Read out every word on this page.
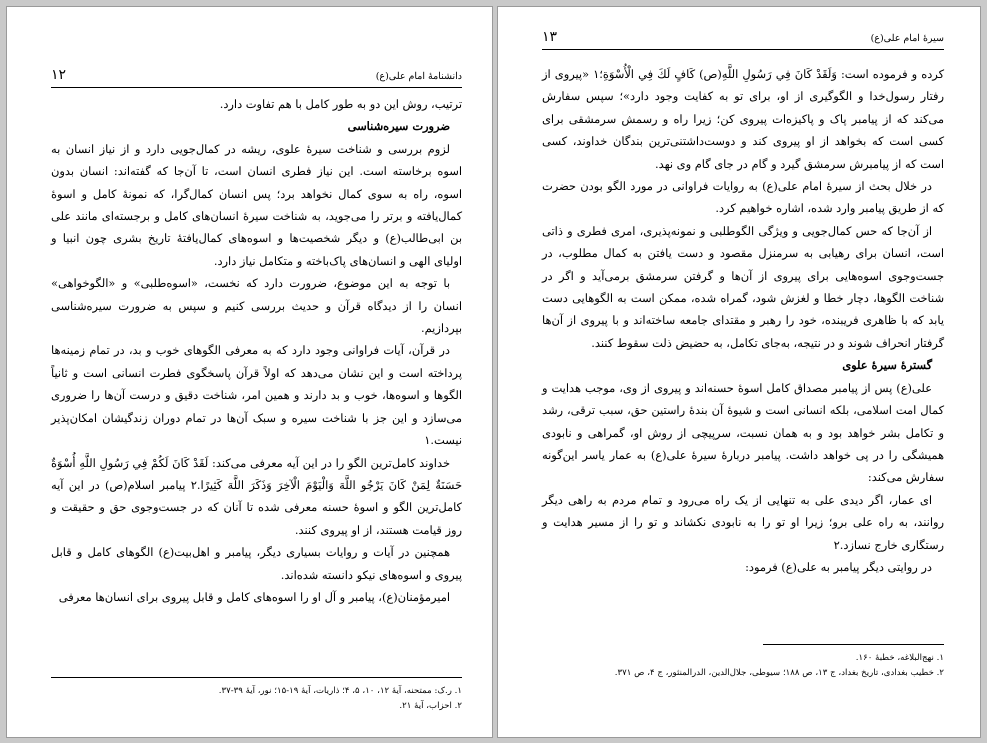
دانشنامهٔ امام علی(ع)
۱۲

ترتیب، روش این دو به طور کامل با هم تفاوت دارد.

ضرورت سیره‌شناسی

لزوم بررسی و شناخت سیرهٔ علوی، ریشه در کمال‌جویی دارد و از نیاز انسان به اسوه برخاسته است. این نیاز فطری انسان است، تا آن‌جا که گفته‌اند: انسان بدون اسوه، راه به سوی کمال نخواهد برد؛ پس انسان کمال‌گرا، که نمونهٔ کامل و اسوهٔ کمال‌یافته و برتر را می‌جوید، به شناخت سیرهٔ انسان‌های کامل و برجسته‌ای مانند علی بن ابی‌طالب(ع) و دیگر شخصیت‌ها و اسوه‌های کمال‌یافتهٔ تاریخ بشری چون انبیا و اولیای الهی و انسان‌های پاک‌باخته و متکامل نیاز دارد.

با توجه به این موضوع، ضرورت دارد که نخست، «اسوه‌طلبی» و «الگوخواهی» انسان را از دیدگاه قرآن و حدیث بررسی کنیم و سپس به ضرورت سیره‌شناسی بپردازیم.

در قرآن، آیات فراوانی وجود دارد که به معرفی الگوهای خوب و بد، در تمام زمینه‌ها پرداخته است و این نشان می‌دهد که اولاً قرآن پاسخگوی فطرت انسانی است و ثانیاً الگوها و اسوه‌ها، خوب و بد دارند و همین امر، شناخت دقیق و درست آن‌ها را ضروری می‌سازد و این جز با شناخت سیره و سبک آن‌ها در تمام دوران زندگیشان امکان‌پذیر نیست.۱

خداوند کامل‌ترین الگو را در این آیه معرفی می‌کند: لَقَدْ كَانَ لَكُمْ فِي رَسُولِ اللَّهِ أُسْوَةٌ حَسَنَةٌ لِمَنْ كَانَ يَرْجُو اللَّهَ وَالْيَوْمَ الْآخِرَ وَذَكَرَ اللَّهَ كَثِيرًا.۲ پیامبر اسلام(ص) در این آیه کامل‌ترین الگو و اسوهٔ حسنه معرفی شده تا آنان که در جست‌وجوی حق و حقیقت و روز قیامت هستند، از او پیروی کنند.

همچنین در آیات و روایات بسیاری دیگر، پیامبر و اهل‌بیت(ع) الگوهای کامل و قابل پیروی و اسوه‌های نیکو دانسته شده‌اند.

امیرمؤمنان(ع)، پیامبر و آل او را اسوه‌های کامل و قابل پیروی برای انسان‌ها معرفی

۱. ر.ک: ممتحنه، آیهٔ ۱۲، ۱۰، ۵، ۴؛ ذاریات، آیهٔ ۱۹-۱۵؛ نور، آیهٔ ۳۹-۳۷.
۲. احزاب، آیهٔ ۲۱.
سیرهٔ امام علی(ع)
۱۳

کرده و فرموده است: وَلَقَدْ كَانَ فِي رَسُولِ اللَّهِ(ص) كَافٍ لَكَ فِي الْأُسْوَةِ؛۱ «پیروی از رفتار رسول‌خدا و الگوگیری از او، برای تو به کفایت وجود دارد»؛ سپس سفارش می‌کند که از پیامبر پاک و پاکیزه‌ات پیروی کن؛ زیرا راه و رسمش سرمشقی برای کسی است که بخواهد از او پیروی کند و دوست‌داشتنی‌ترین بندگان خداوند، کسی است که از پیامبرش سرمشق گیرد و گام در جای گام وی نهد.

در خلال بحث از سیرهٔ امام علی(ع) به روایات فراوانی در مورد الگو بودن حضرت که از طریق پیامبر وارد شده، اشاره خواهیم کرد.

از آن‌جا که حس کمال‌جویی و ویژگی الگوطلبی و نمونه‌پذیری، امری فطری و ذاتی است، انسان برای رهیابی به سرمنزل مقصود و دست یافتن به کمال مطلوب، در جست‌وجوی اسوه‌هایی برای پیروی از آن‌ها و گرفتن سرمشق برمی‌آید و اگر در شناخت الگوها، دچار خطا و لغزش شود، گمراه شده، ممکن است به الگوهایی دست یابد که با ظاهری فریبنده، خود را رهبر و مقتدای جامعه ساخته‌اند و با پیروی از آن‌ها گرفتار انحراف شوند و در نتیجه، به‌جای تکامل، به حضیض ذلت سقوط کنند.

گسترهٔ سیرهٔ علوی

علی(ع) پس از پیامبر مصداق کامل اسوهٔ حسنه‌اند و پیروی از وی، موجب هدایت و کمال امت اسلامی، بلکه انسانی است و شیوهٔ آن بندهٔ راستین حق، سبب ترقی، رشد و تکامل بشر خواهد بود و به همان نسبت، سرپیچی از روش او، گمراهی و نابودی همیشگی را در پی خواهد داشت. پیامبر دربارهٔ سیرهٔ علی(ع) به عمار یاسر این‌گونه سفارش می‌کند:

ای عمار، اگر دیدی علی به تنهایی از یک راه می‌رود و تمام مردم به راهی دیگر روانند، به راه علی برو؛ زیرا او تو را به نابودی نکشاند و تو را از مسیر هدایت و رستگاری خارج نسازد.۲

در روایتی دیگر پیامبر به علی(ع) فرمود:

۱. نهج‌البلاغه، خطبهٔ ۱۶۰.
۲. خطیب بغدادی، تاریخ بغداد، ج ۱۳، ص ۱۸۸؛ سیوطی، جلال‌الدین، الدرالمنثور، ج ۴، ص ۳۷۱.
